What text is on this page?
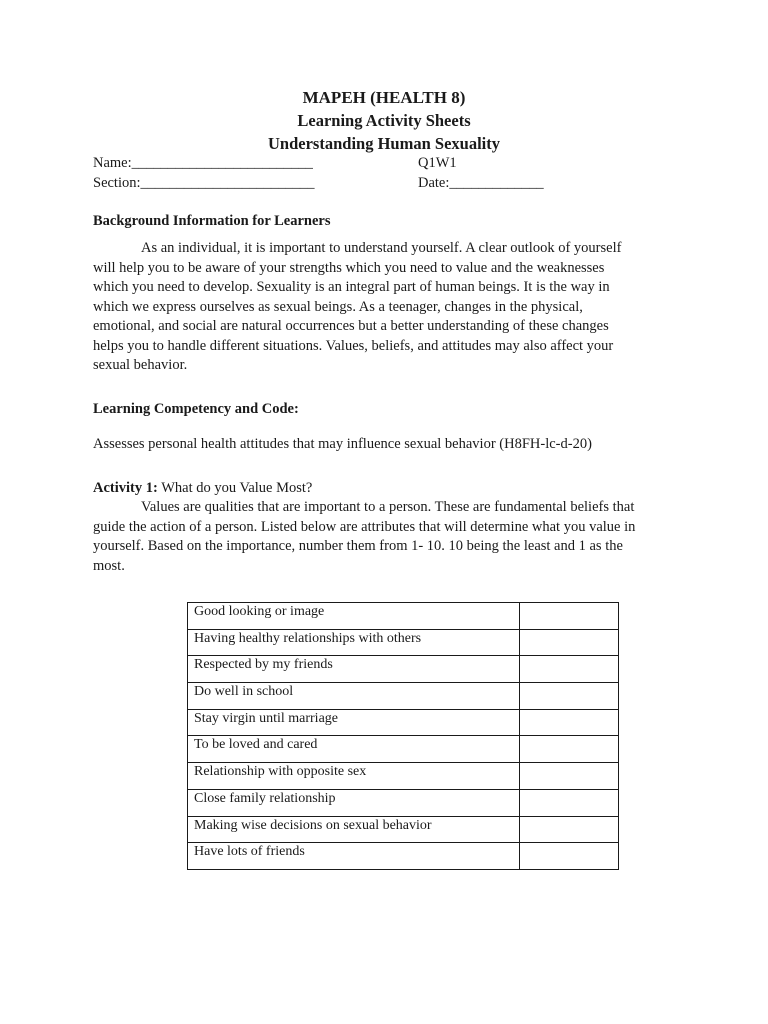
MAPEH (HEALTH 8)
Learning Activity Sheets
Understanding Human Sexuality
Name:_________________________	Q1W1
Section:________________________	Date:_____________
Background Information for Learners
As an individual, it is important to understand yourself. A clear outlook of yourself
will help you to be aware of your strengths which you need to value and the weaknesses
which you need to develop. Sexuality is an integral part of human beings. It is the way in
which we express ourselves as sexual beings. As a teenager, changes in the physical,
emotional, and social are natural occurrences but a better understanding of these changes
helps you to handle different situations. Values, beliefs, and attitudes may also affect your
sexual behavior.
Learning Competency and Code:
Assesses personal health attitudes that may influence sexual behavior (H8FH-lc-d-20)
Activity 1: What do you Value Most?
Values are qualities that are important to a person. These are fundamental beliefs that
guide the action of a person. Listed below are attributes that will determine what you value in
yourself. Based on the importance, number them from 1- 10. 10 being the least and 1 as the
most.
Good looking or image	
Having healthy relationships with others	
Respected by my friends	
Do well in school	
Stay virgin until marriage	
To be loved and cared	
Relationship with opposite sex	
Close family relationship	
Making wise decisions on sexual behavior	
Have lots of friends	
